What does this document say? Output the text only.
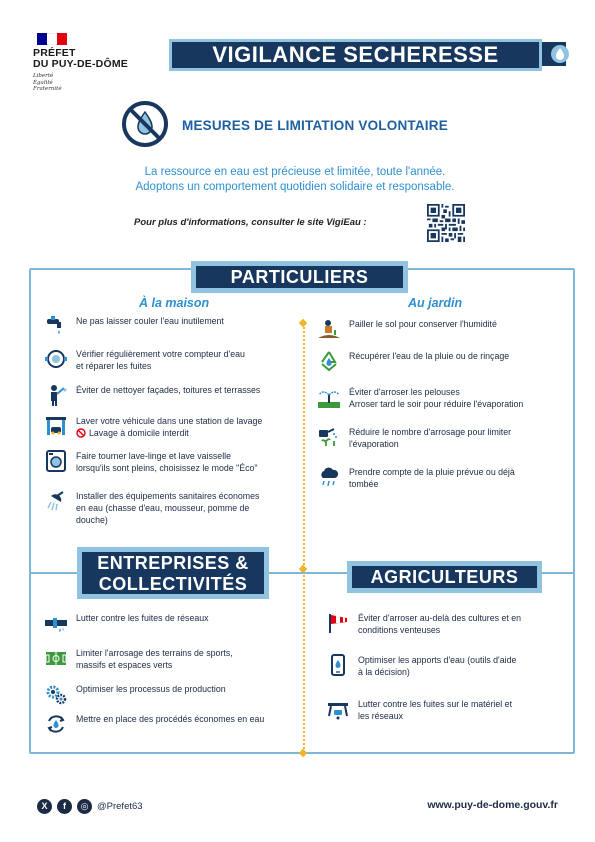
PRÉFET
DU PUY-DE-DÔME
Liberté
Égalité
Fraternité
VIGILANCE SECHERESSE
MESURES DE LIMITATION VOLONTAIRE
La ressource en eau est précieuse et limitée, toute l'année.
Adoptons un comportement quotidien solidaire et responsable.
Pour plus d'informations, consulter le site VigiEau :
PARTICULIERS
ENTREPRISES &
COLLECTIVITÉS	AGRICULTEURS
À la maison	Au jardin
Ne pas laisser couler l'eau inutilement
Vérifier régulièrement votre compteur d'eau
et réparer les fuites
Éviter de nettoyer façades, toitures et terrasses
Laver votre véhicule dans une station de lavage
Lavage à domicile interdit
Faire tourner lave-linge et lave vaisselle
lorsqu'ils sont pleins, choisissez le mode "Éco"
Installer des équipements sanitaires économes
en eau (chasse d'eau, mousseur, pomme de
douche)
Pailler le sol pour conserver l'humidité
Récupérer l'eau de la pluie ou de rinçage
Éviter d'arroser les pelouses
Arroser tard le soir pour réduire l'évaporation
Réduire le nombre d'arrosage pour limiter
l'évaporation
Prendre compte de la pluie prévue ou déjà
tombée
Lutter contre les fuites de réseaux
Limiter l'arrosage des terrains de sports,
massifs et espaces verts
Optimiser les processus de production
Mettre en place des procédés économes en eau
Éviter d'arroser au-delà des cultures et en
conditions venteuses
Optimiser les apports d'eau (outils d'aide
à la décision)
Lutter contre les fuites sur le matériel et
les réseaux
X	f	◎ @Prefet63	www.puy-de-dome.gouv.fr
